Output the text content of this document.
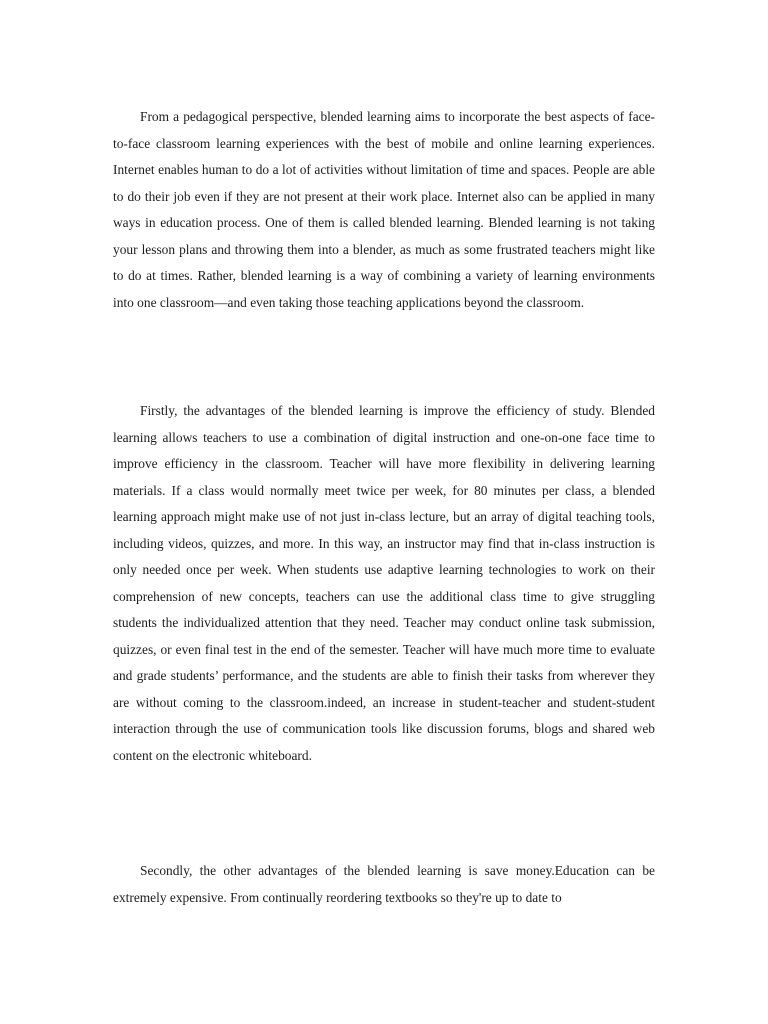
From a pedagogical perspective, blended learning aims to incorporate the best aspects of face-to-face classroom learning experiences with the best of mobile and online learning experiences. Internet enables human to do a lot of activities without limitation of time and spaces. People are able to do their job even if they are not present at their work place. Internet also can be applied in many ways in education process. One of them is called blended learning. Blended learning is not taking your lesson plans and throwing them into a blender, as much as some frustrated teachers might like to do at times. Rather, blended learning is a way of combining a variety of learning environments into one classroom—and even taking those teaching applications beyond the classroom.

Firstly, the advantages of the blended learning is improve the efficiency of study. Blended learning allows teachers to use a combination of digital instruction and one-on-one face time to improve efficiency in the classroom. Teacher will have more flexibility in delivering learning materials. If a class would normally meet twice per week, for 80 minutes per class, a blended learning approach might make use of not just in-class lecture, but an array of digital teaching tools, including videos, quizzes, and more. In this way, an instructor may find that in-class instruction is only needed once per week. When students use adaptive learning technologies to work on their comprehension of new concepts, teachers can use the additional class time to give struggling students the individualized attention that they need. Teacher may conduct online task submission, quizzes, or even final test in the end of the semester. Teacher will have much more time to evaluate and grade students’ performance, and the students are able to finish their tasks from wherever they are without coming to the classroom.indeed, an increase in student-teacher and student-student interaction through the use of communication tools like discussion forums, blogs and shared web content on the electronic whiteboard.

Secondly, the other advantages of the blended learning is save money.Education can be extremely expensive. From continually reordering textbooks so they're up to date to
